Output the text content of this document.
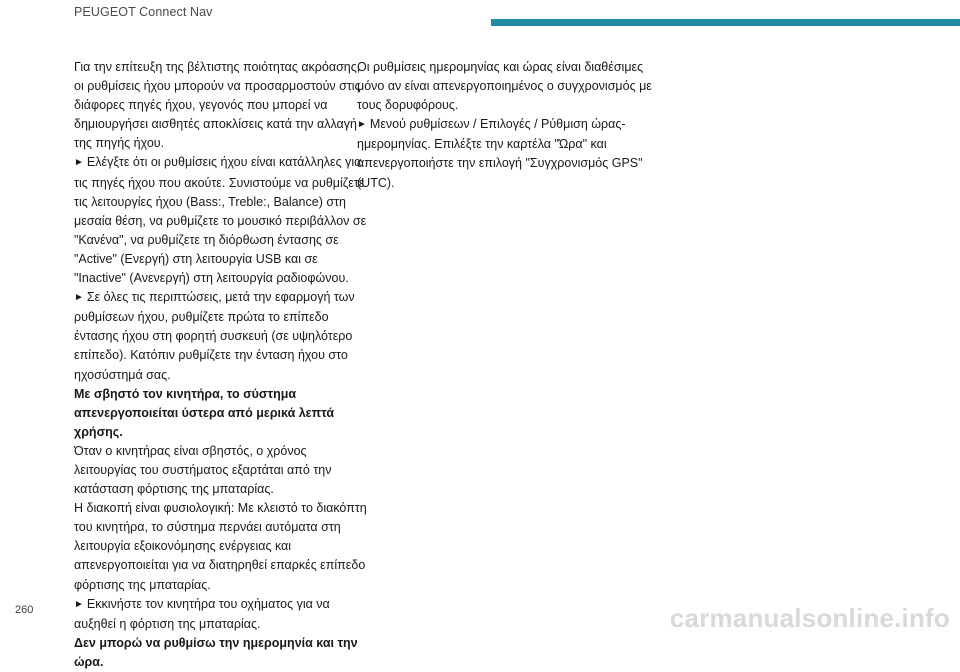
PEUGEOT Connect Nav

Για την επίτευξη της βέλτιστης ποιότητας ακρόασης, οι ρυθμίσεις ήχου μπορούν να προσαρμοστούν στις διάφορες πηγές ήχου, γεγονός που μπορεί να δημιουργήσει αισθητές αποκλίσεις κατά την αλλαγή της πηγής ήχου.

► Ελέγξτε ότι οι ρυθμίσεις ήχου είναι κατάλληλες για τις πηγές ήχου που ακούτε. Συνιστούμε να ρυθμίζετε τις λειτουργίες ήχου (Bass:, Treble:, Balance) στη μεσαία θέση, να ρυθμίζετε το μουσικό περιβάλλον σε "Κανένα", να ρυθμίζετε τη διόρθωση έντασης σε "Active" (Ενεργή) στη λειτουργία USB και σε "Inactive" (Ανενεργή) στη λειτουργία ραδιοφώνου.

► Σε όλες τις περιπτώσεις, μετά την εφαρμογή των ρυθμίσεων ήχου, ρυθμίζετε πρώτα το επίπεδο έντασης ήχου στη φορητή συσκευή (σε υψηλότερο επίπεδο). Κατόπιν ρυθμίζετε την ένταση ήχου στο ηχοσύστημά σας.

Με σβηστό τον κινητήρα, το σύστημα απενεργοποιείται ύστερα από μερικά λεπτά χρήσης.

Όταν ο κινητήρας είναι σβηστός, ο χρόνος λειτουργίας του συστήματος εξαρτάται από την κατάσταση φόρτισης της μπαταρίας.

Η διακοπή είναι φυσιολογική: Με κλειστό το διακόπτη του κινητήρα, το σύστημα περνάει αυτόματα στη λειτουργία εξοικονόμησης ενέργειας και απενεργοποιείται για να διατηρηθεί επαρκές επίπεδο φόρτισης της μπαταρίας.

► Εκκινήστε τον κινητήρα του οχήματος για να αυξηθεί η φόρτιση της μπαταρίας.

Δεν μπορώ να ρυθμίσω την ημερομηνία και την ώρα.

Οι ρυθμίσεις ημερομηνίας και ώρας είναι διαθέσιμες μόνο αν είναι απενεργοποιημένος ο συγχρονισμός με τους δορυφόρους.

► Μενού ρυθμίσεων / Επιλογές / Ρύθμιση ώρας-ημερομηνίας. Επιλέξτε την καρτέλα "Ώρα" και απενεργοποιήστε την επιλογή "Συγχρονισμός GPS" (UTC).

260	carmanualsonline.info
